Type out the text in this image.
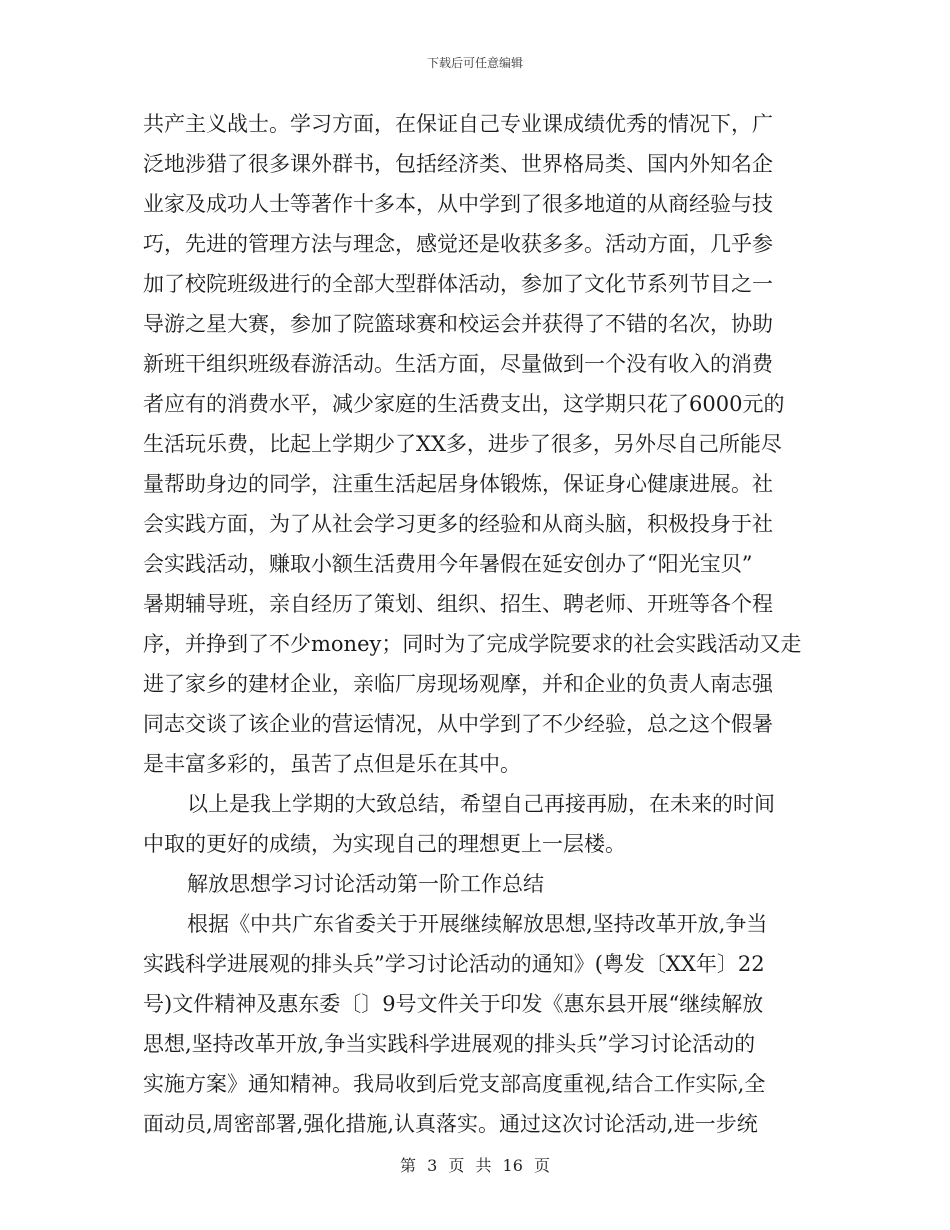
下载后可任意编辑
共产主义战士。学习方面，在保证自己专业课成绩优秀的情况下，广
泛地涉猎了很多课外群书，包括经济类、世界格局类、国内外知名企
业家及成功人士等著作十多本，从中学到了很多地道的从商经验与技
巧，先进的管理方法与理念，感觉还是收获多多。活动方面，几乎参
加了校院班级进行的全部大型群体活动，参加了文化节系列节目之一
导游之星大赛，参加了院篮球赛和校运会并获得了不错的名次，协助
新班干组织班级春游活动。生活方面，尽量做到一个没有收入的消费
者应有的消费水平，减少家庭的生活费支出，这学期只花了6000元的
生活玩乐费，比起上学期少了XX多，进步了很多，另外尽自己所能尽
量帮助身边的同学，注重生活起居身体锻炼，保证身心健康进展。社
会实践方面，为了从社会学习更多的经验和从商头脑，积极投身于社
会实践活动，赚取小额生活费用今年暑假在延安创办了“阳光宝贝”
暑期辅导班，亲自经历了策划、组织、招生、聘老师、开班等各个程
序，并挣到了不少money；同时为了完成学院要求的社会实践活动又走
进了家乡的建材企业，亲临厂房现场观摩，并和企业的负责人南志强
同志交谈了该企业的营运情况，从中学到了不少经验，总之这个假暑
是丰富多彩的，虽苦了点但是乐在其中。
以上是我上学期的大致总结，希望自己再接再励，在未来的时间
中取的更好的成绩，为实现自己的理想更上一层楼。
解放思想学习讨论活动第一阶工作总结
根据《中共广东省委关于开展继续解放思想,坚持改革开放,争当
实践科学进展观的排头兵”学习讨论活动的通知》(粤发〔XX年〕22
号)文件精神及惠东委〔〕9号文件关于印发《惠东县开展“继续解放
思想,坚持改革开放,争当实践科学进展观的排头兵”学习讨论活动的
实施方案》通知精神。我局收到后党支部高度重视,结合工作实际,全
面动员,周密部署,强化措施,认真落实。通过这次讨论活动,进一步统
第 3 页 共 16 页
